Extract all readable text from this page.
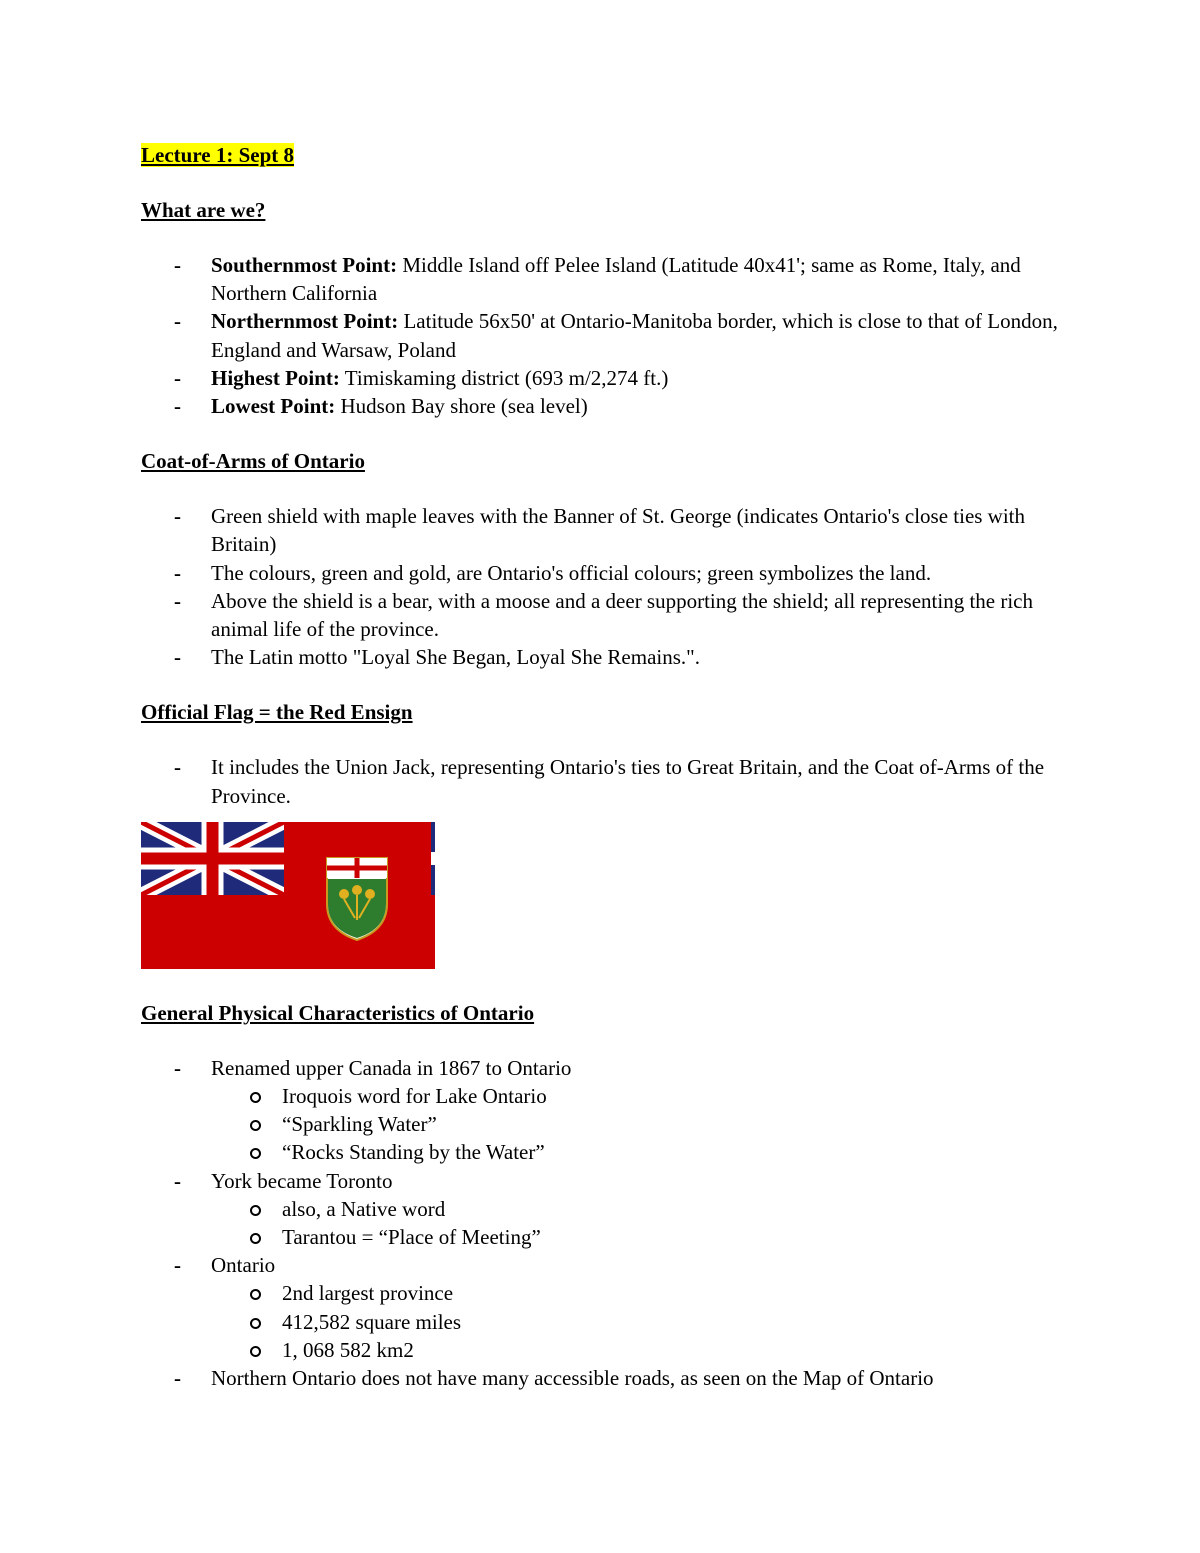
Lecture 1: Sept 8

What are we?

- Southernmost Point: Middle Island off Pelee Island (Latitude 40x41'; same as Rome, Italy, and Northern California
- Northernmost Point: Latitude 56x50' at Ontario-Manitoba border, which is close to that of London, England and Warsaw, Poland
- Highest Point: Timiskaming district (693 m/2,274 ft.)
- Lowest Point: Hudson Bay shore (sea level)

Coat-of-Arms of Ontario

- Green shield with maple leaves with the Banner of St. George (indicates Ontario's close ties with Britain)
- The colours, green and gold, are Ontario's official colours; green symbolizes the land.
- Above the shield is a bear, with a moose and a deer supporting the shield; all representing the rich animal life of the province.
- The Latin motto "Loyal She Began, Loyal She Remains.".

Official Flag = the Red Ensign

- It includes the Union Jack, representing Ontario's ties to Great Britain, and the Coat of-Arms of the Province.

General Physical Characteristics of Ontario

- Renamed upper Canada in 1867 to Ontario
Iroquois word for Lake Ontario
“Sparkling Water”
“Rocks Standing by the Water”
- York became Toronto
also, a Native word
Tarantou = “Place of Meeting”
- Ontario
2nd largest province
412,582 square miles
1, 068 582 km2
- Northern Ontario does not have many accessible roads, as seen on the Map of Ontario
